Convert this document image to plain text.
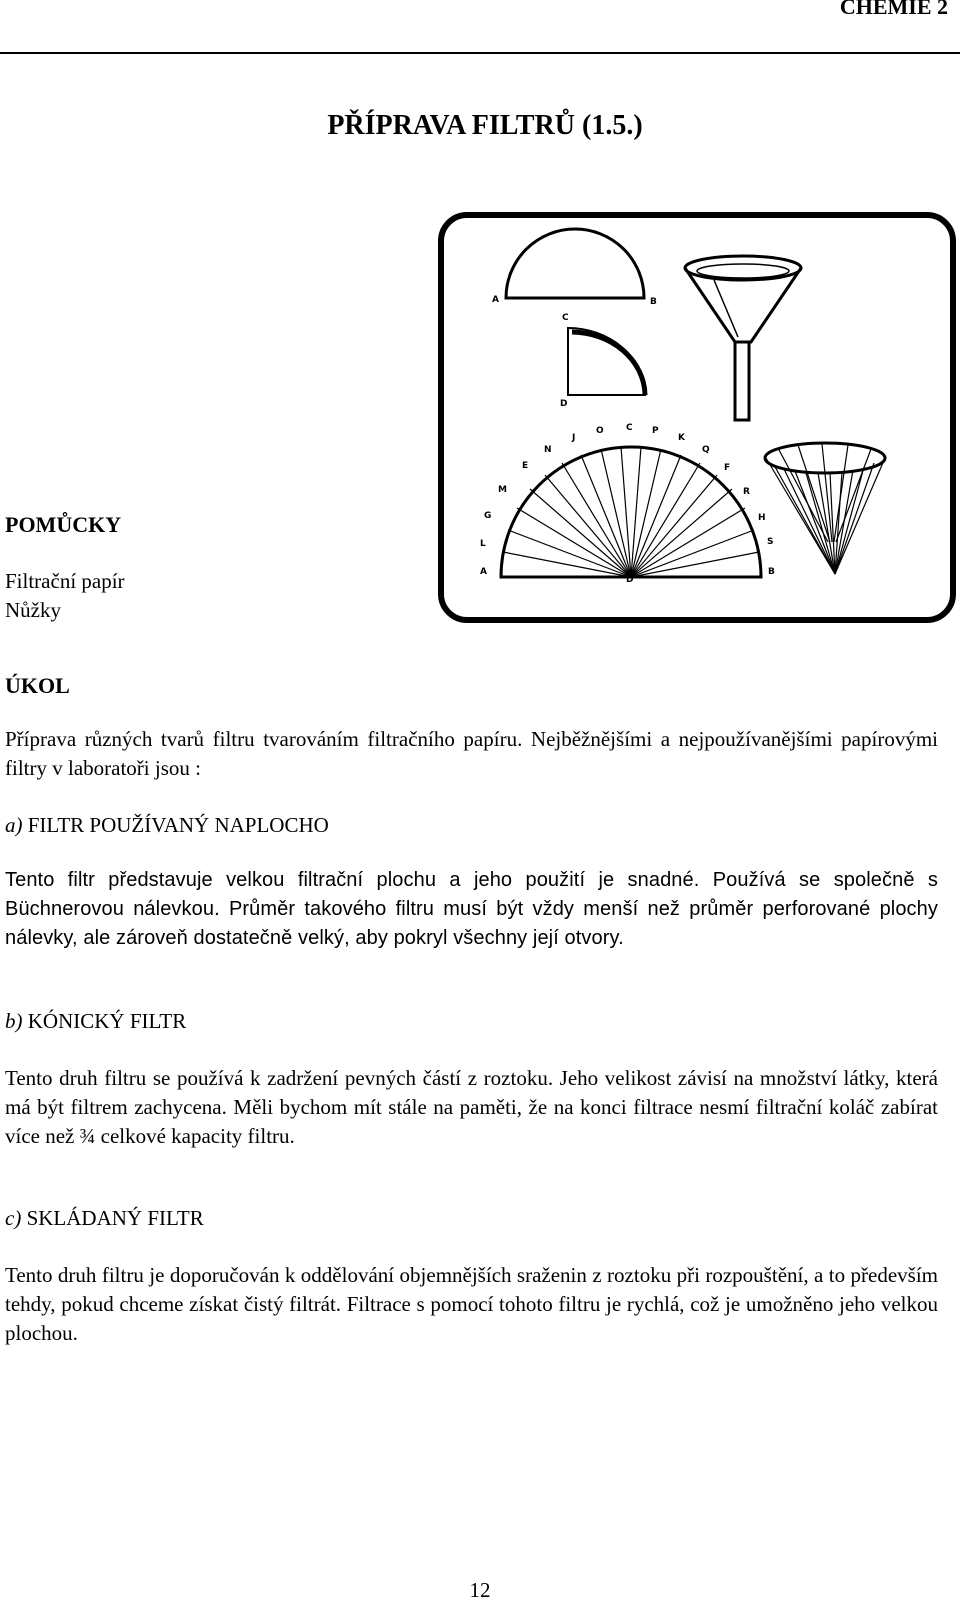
CHEMIE 2
PŘÍPRAVA FILTRŮ (1.5.)
A	B
C
D
J
O C P
K
N	Q
E	F
M	R
G	H
L	S
A
D
B
POMŮCKY
Filtrační papír
Nůžky
ÚKOL
Příprava různých tvarů filtru tvarováním filtračního papíru. Nejběžnějšími a nejpoužívanějšími papírovými filtry v laboratoři jsou :
a) FILTR POUŽÍVANÝ NAPLOCHO
Tento filtr představuje velkou filtrační plochu a jeho použití je snadné. Používá se společně s Büchnerovou nálevkou. Průměr takového filtru musí být vždy menší než průměr perforované plochy nálevky, ale zároveň dostatečně velký, aby pokryl všechny její otvory.
b) KÓNICKÝ FILTR
Tento druh filtru se používá k zadržení pevných částí z roztoku. Jeho velikost závisí na množství látky, která má být filtrem zachycena. Měli bychom mít stále na paměti, že na konci filtrace nesmí filtrační koláč zabírat více než ¾ celkové kapacity filtru.
c) SKLÁDANÝ FILTR
Tento druh filtru je doporučován k oddělování objemnějších sraženin z roztoku při rozpouštění, a to především tehdy, pokud chceme získat čistý filtrát. Filtrace s pomocí tohoto filtru je rychlá, což je umožněno jeho velkou plochou.
12
